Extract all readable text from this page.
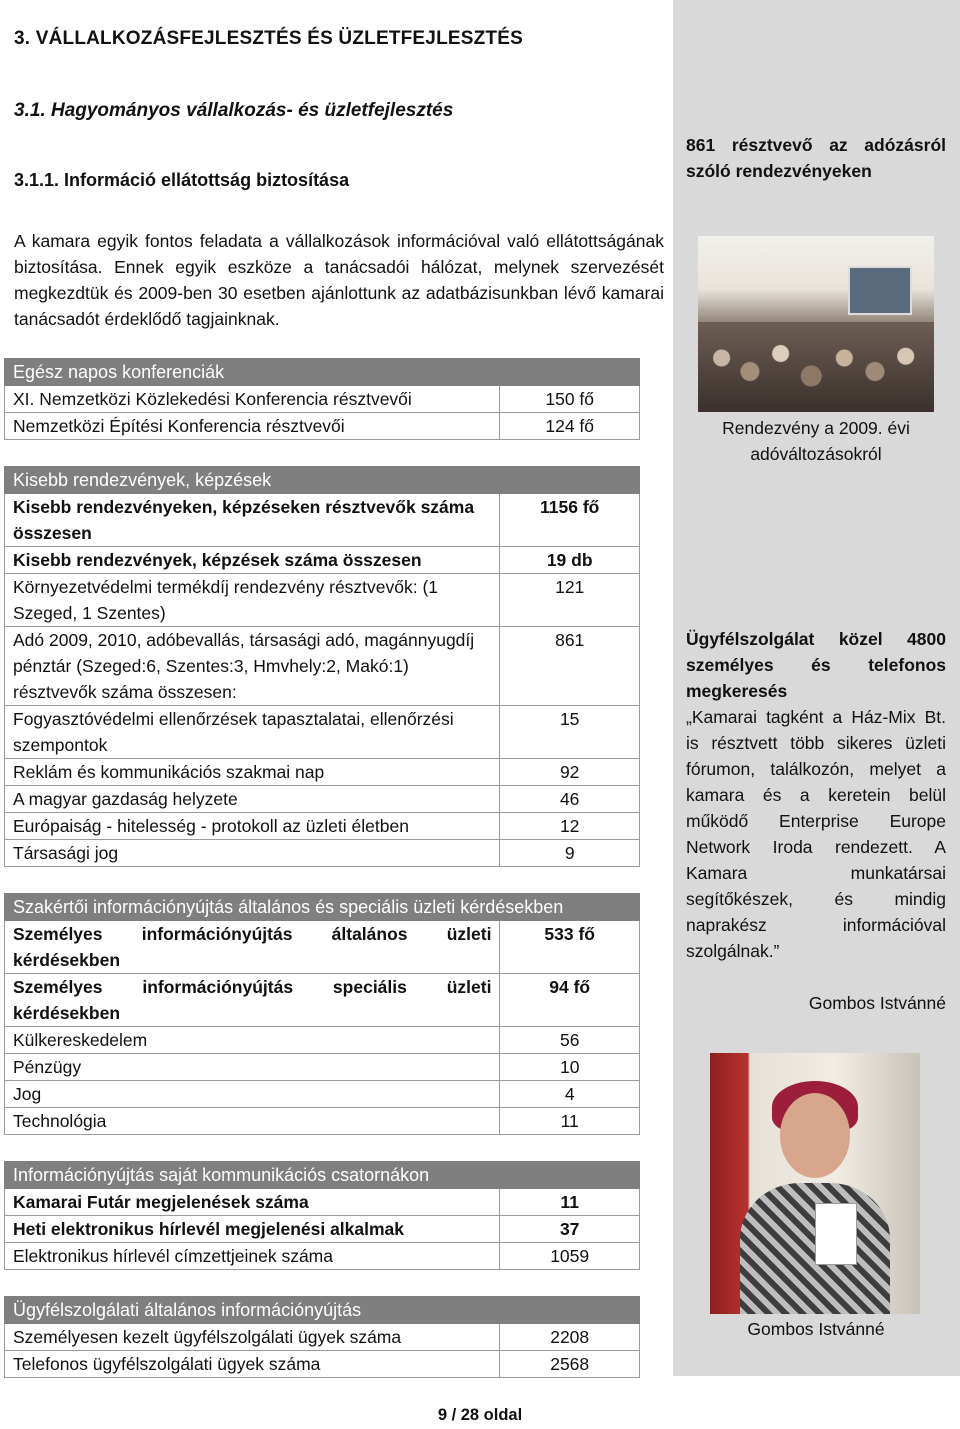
3. VÁLLALKOZÁSFEJLESZTÉS ÉS ÜZLETFEJLESZTÉS
3.1. Hagyományos vállalkozás- és üzletfejlesztés
3.1.1. Információ ellátottság biztosítása
A kamara egyik fontos feladata a vállalkozások információval való ellátottságának biztosítása. Ennek egyik eszköze a tanácsadói hálózat, melynek szervezését megkezdtük és 2009-ben 30 esetben ajánlottunk az adatbázisunkban lévő kamarai tanácsadót érdeklődő tagjainknak.
Egész napos konferenciák	
XI. Nemzetközi Közlekedési Konferencia résztvevői	150 fő
Nemzetközi Építési Konferencia résztvevői	124 fő
Kisebb rendezvények, képzések	
Kisebb rendezvényeken, képzéseken résztvevők száma összesen	1156 fő
Kisebb rendezvények, képzések száma összesen	19 db
Környezetvédelmi termékdíj rendezvény résztvevők: (1 Szeged, 1 Szentes)	121
Adó 2009, 2010, adóbevallás, társasági adó, magánnyugdíj pénztár (Szeged:6, Szentes:3, Hmvhely:2, Makó:1) résztvevők száma összesen:	861
Fogyasztóvédelmi ellenőrzések tapasztalatai, ellenőrzési szempontok	15
Reklám és kommunikációs szakmai nap	92
A magyar gazdaság helyzete	46
Európaiság - hitelesség - protokoll az üzleti életben	12
Társasági jog	9
Szakértői információnyújtás általános és speciális üzleti kérdésekben	
Személyes információnyújtás általános üzleti kérdésekben	533 fő
Személyes információnyújtás speciális üzleti kérdésekben	94 fő
Külkereskedelem	56
Pénzügy	10
Jog	4
Technológia	11
Információnyújtás saját kommunikációs csatornákon	
Kamarai Futár megjelenések száma	11
Heti elektronikus hírlevél megjelenési alkalmak	37
Elektronikus hírlevél címzettjeinek száma	1059
Ügyfélszolgálati általános információnyújtás	
Személyesen kezelt ügyfélszolgálati ügyek száma	2208
Telefonos ügyfélszolgálati ügyek száma	2568
861 résztvevő az adózásról szóló rendezvényeken
Rendezvény a 2009. évi adóváltozásokról
Ügyfélszolgálat közel 4800 személyes és telefonos megkeresés
„Kamarai tagként a Ház-Mix Bt. is résztvett több sikeres üzleti fórumon, találkozón, melyet a kamara és a keretein belül működő Enterprise Europe Network Iroda rendezett. A Kamara munkatársai segítőkészek, és mindig naprakész információval szolgálnak.”
Gombos Istvánné
Gombos Istvánné
9 / 28 oldal
